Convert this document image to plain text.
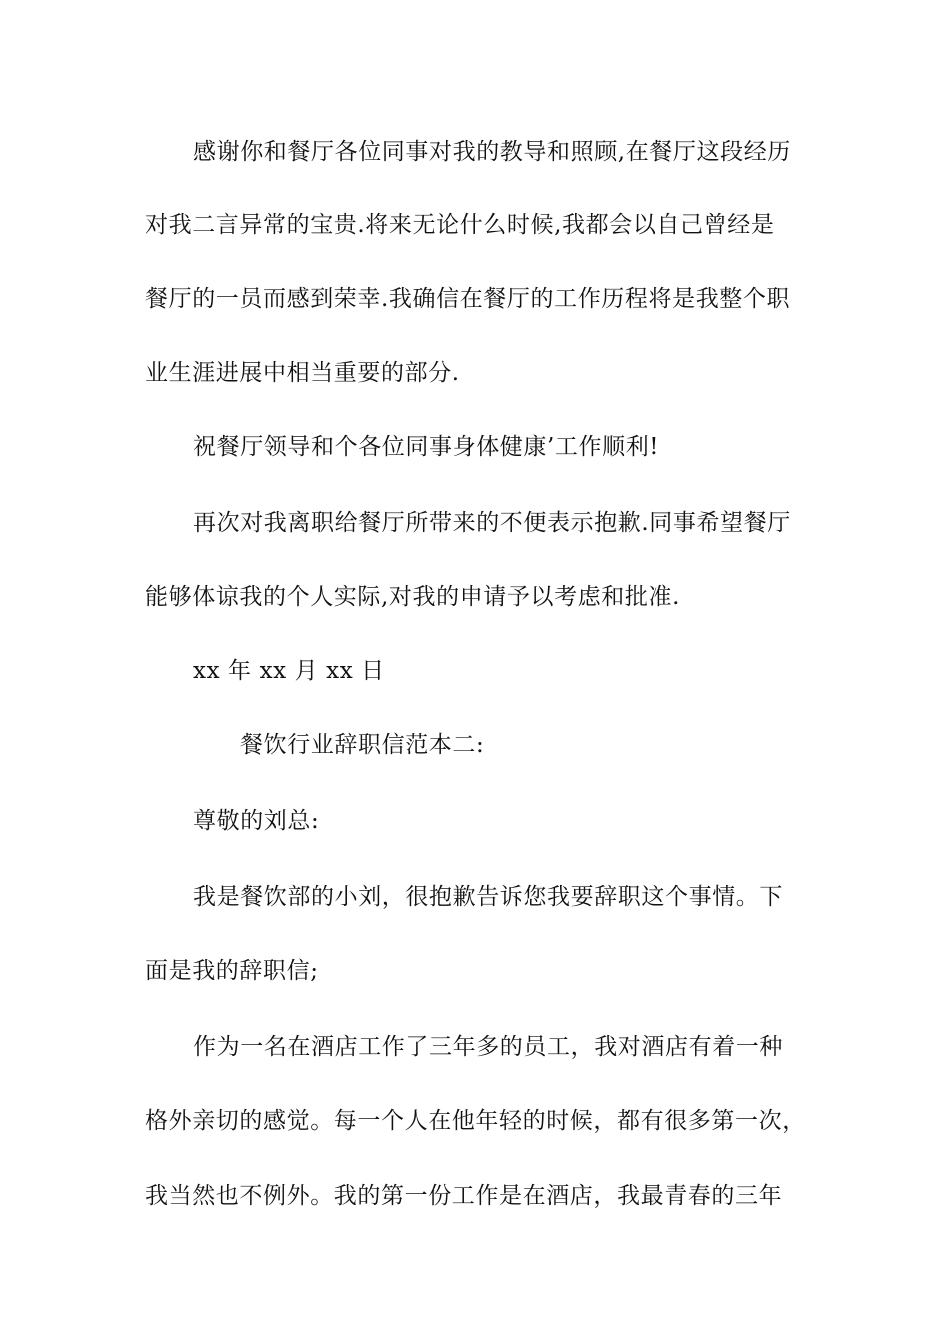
感谢你和餐厅各位同事对我的教导和照顾,在餐厅这段经历
对我二言异常的宝贵.将来无论什么时候,我都会以自己曾经是
餐厅的一员而感到荣幸.我确信在餐厅的工作历程将是我整个职
业生涯进展中相当重要的部分.
祝餐厅领导和个各位同事身体健康’工作顺利!
再次对我离职给餐厅所带来的不便表示抱歉.同事希望餐厅
能够体谅我的个人实际,对我的申请予以考虑和批准.
xx 年 xx 月 xx 日
餐饮行业辞职信范本二:
尊敬的刘总:
我是餐饮部的小刘，很抱歉告诉您我要辞职这个事情。下
面是我的辞职信;
作为一名在酒店工作了三年多的员工，我对酒店有着一种
格外亲切的感觉。每一个人在他年轻的时候，都有很多第一次，
我当然也不例外。我的第一份工作是在酒店，我最青春的三年
